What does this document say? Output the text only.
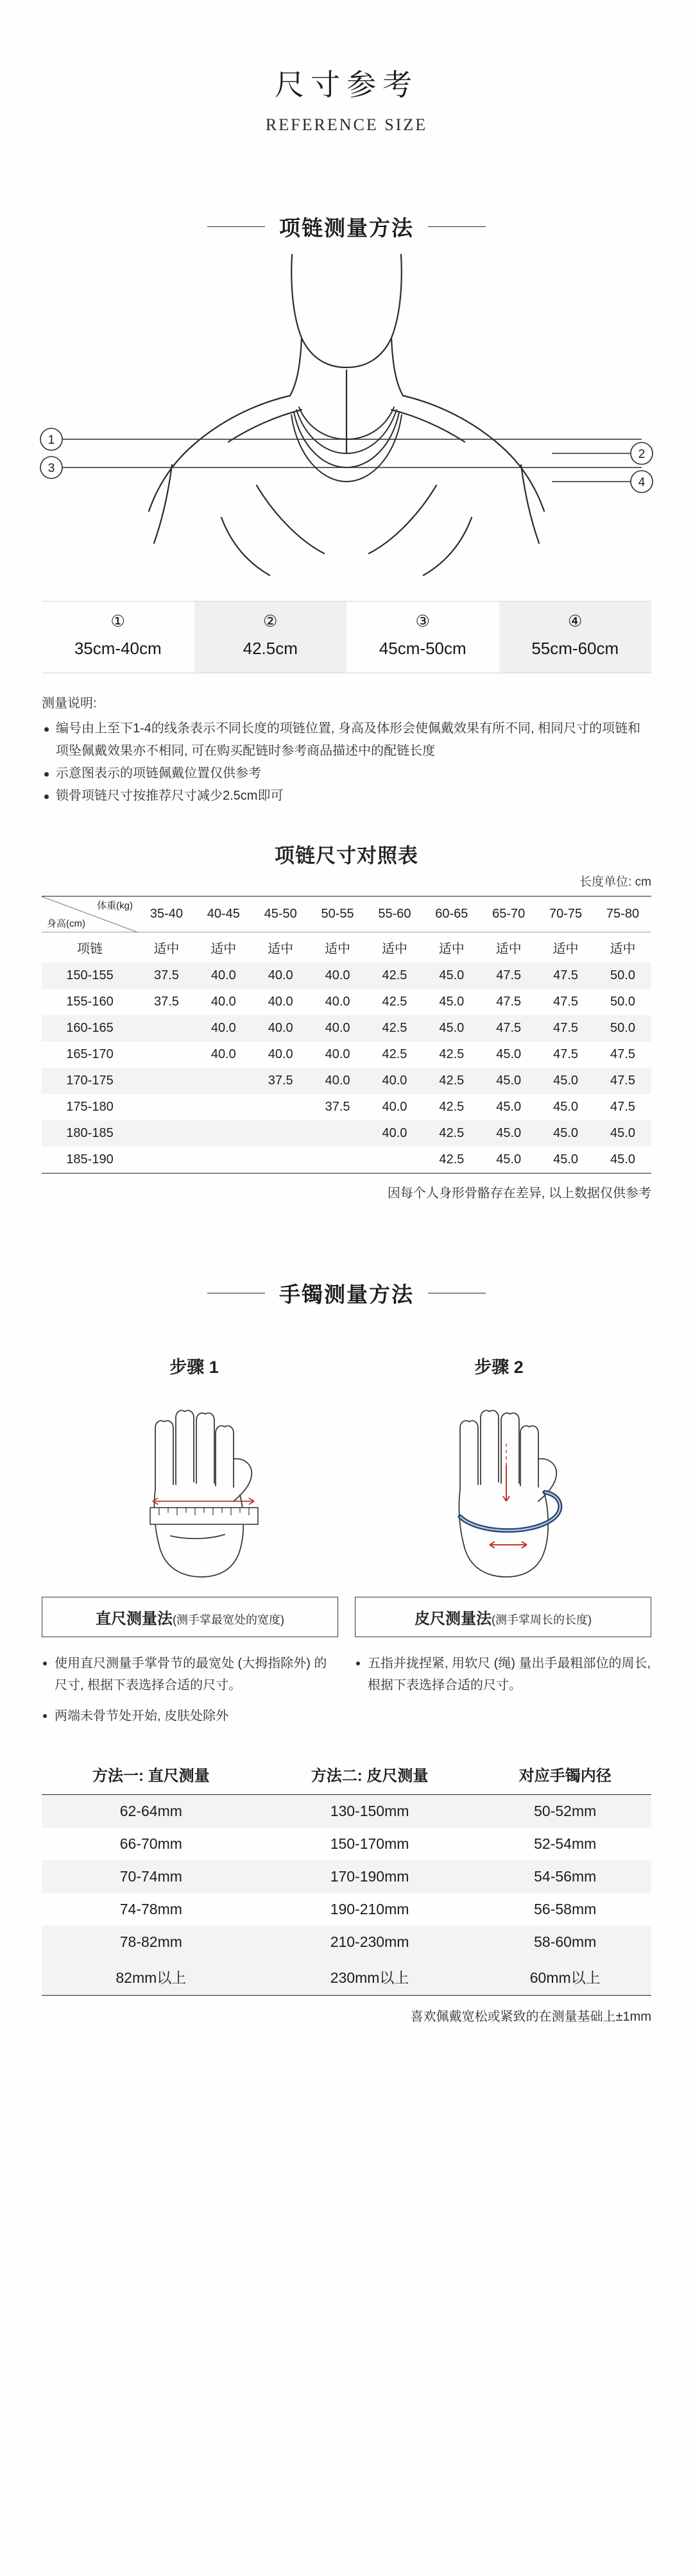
尺寸参考
REFERENCE SIZE
项链测量方法
1
3
2
4
①
35cm-40cm
②
42.5cm
③
45cm-50cm
④
55cm-60cm
测量说明:
编号由上至下1-4的线条表示不同长度的项链位置, 身高及体形会使佩戴效果有所不同, 相同尺寸的项链和项坠佩戴效果亦不相同, 可在购买配链时参考商品描述中的配链长度
示意图表示的项链佩戴位置仅供参考
锁骨项链尺寸按推荐尺寸减少2.5cm即可
项链尺寸对照表
长度单位: cm
体重(kg)
身高(cm)	35-40	40-45	45-50	50-55	55-60	60-65	65-70	70-75	75-80
项链	适中	适中	适中	适中	适中	适中	适中	适中	适中
150-155	37.5	40.0	40.0	40.0	42.5	45.0	47.5	47.5	50.0
155-160	37.5	40.0	40.0	40.0	42.5	45.0	47.5	47.5	50.0
160-165		40.0	40.0	40.0	42.5	45.0	47.5	47.5	50.0
165-170		40.0	40.0	40.0	42.5	42.5	45.0	47.5	47.5
170-175			37.5	40.0	40.0	42.5	45.0	45.0	47.5
175-180				37.5	40.0	42.5	45.0	45.0	47.5
180-185					40.0	42.5	45.0	45.0	45.0
185-190						42.5	45.0	45.0	45.0
因每个人身形骨骼存在差异, 以上数据仅供参考
手镯测量方法
步骤 1	步骤 2
直尺测量法(测手掌最宽处的宽度)	皮尺测量法(测手掌周长的长度)

使用直尺测量手掌骨节的最宽处 (大拇指除外) 的尺寸, 根据下表选择合适的尺寸。

两端未骨节处开始, 皮肤处除外

五指并拢捏紧, 用软尺 (绳) 量出手最粗部位的周长, 根据下表选择合适的尺寸。

方法一: 直尺测量	方法二: 皮尺测量	对应手镯内径
62-64mm	130-150mm	50-52mm
66-70mm	150-170mm	52-54mm
70-74mm	170-190mm	54-56mm
74-78mm	190-210mm	56-58mm
78-82mm	210-230mm	58-60mm
82mm以上	230mm以上	60mm以上
喜欢佩戴宽松或紧致的在测量基础上±1mm
